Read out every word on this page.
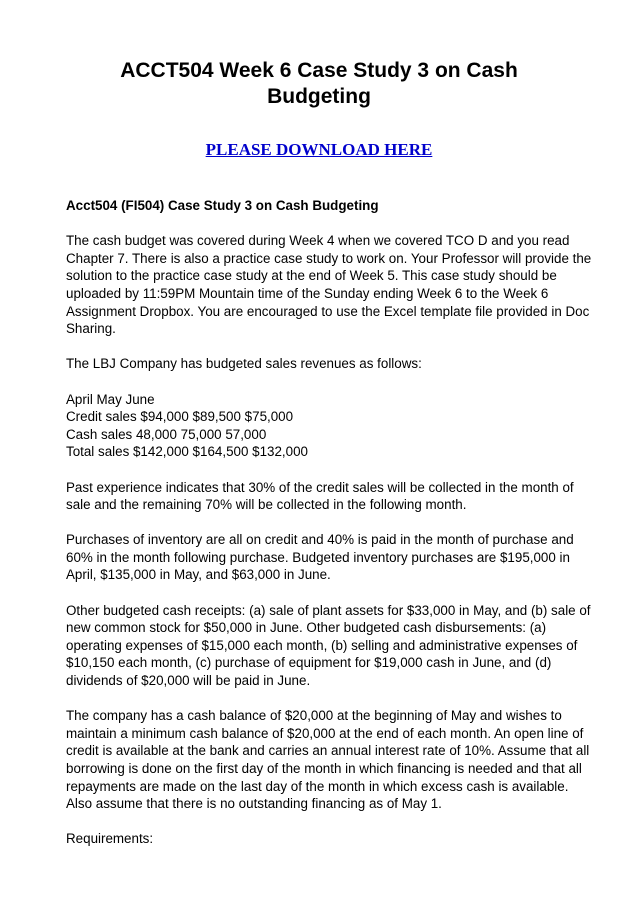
ACCT504 Week 6 Case Study 3 on Cash
Budgeting
PLEASE DOWNLOAD HERE

Acct504 (FI504) Case Study 3 on Cash Budgeting

The cash budget was covered during Week 4 when we covered TCO D and you read Chapter 7. There is also a practice case study to work on. Your Professor will provide the solution to the practice case study at the end of Week 5. This case study should be uploaded by 11:59PM Mountain time of the Sunday ending Week 6 to the Week 6 Assignment Dropbox. You are encouraged to use the Excel template file provided in Doc Sharing.

The LBJ Company has budgeted sales revenues as follows:

April May June
Credit sales $94,000 $89,500 $75,000
Cash sales 48,000 75,000 57,000
Total sales $142,000 $164,500 $132,000

Past experience indicates that 30% of the credit sales will be collected in the month of sale and the remaining 70% will be collected in the following month.

Purchases of inventory are all on credit and 40% is paid in the month of purchase and 60% in the month following purchase. Budgeted inventory purchases are $195,000 in April, $135,000 in May, and $63,000 in June.

Other budgeted cash receipts: (a) sale of plant assets for $33,000 in May, and (b) sale of new common stock for $50,000 in June. Other budgeted cash disbursements: (a) operating expenses of $15,000 each month, (b) selling and administrative expenses of $10,150 each month, (c) purchase of equipment for $19,000 cash in June, and (d) dividends of $20,000 will be paid in June.

The company has a cash balance of $20,000 at the beginning of May and wishes to maintain a minimum cash balance of $20,000 at the end of each month. An open line of credit is available at the bank and carries an annual interest rate of 10%. Assume that all borrowing is done on the first day of the month in which financing is needed and that all repayments are made on the last day of the month in which excess cash is available. Also assume that there is no outstanding financing as of May 1.

Requirements:
